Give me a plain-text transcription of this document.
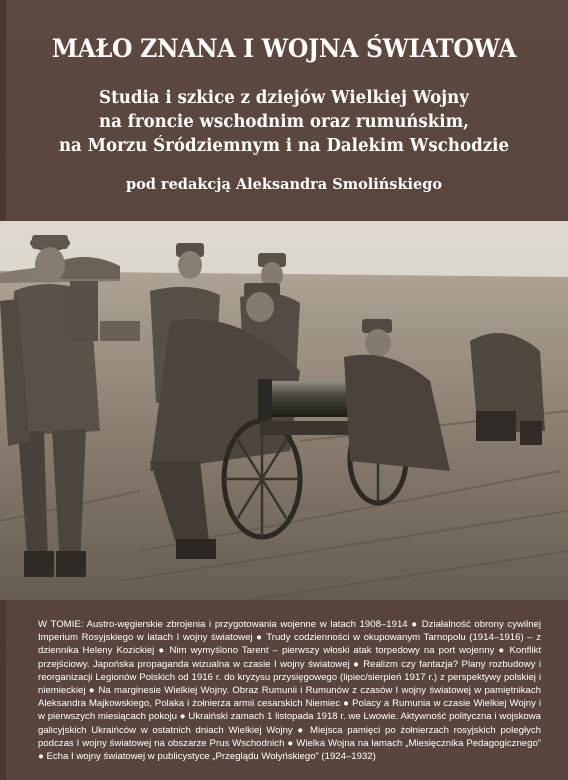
MAŁO ZNANA I WOJNA ŚWIATOWA
Studia i szkice z dziejów Wielkiej Wojny
na froncie wschodnim oraz rumuńskim,
na Morzu Śródziemnym i na Dalekim Wschodzie
pod redakcją Aleksandra Smolińskiego

W TOMIE: Austro-węgierskie zbrojenia i przygotowania wojenne w latach 1908–1914 ● Działalność obrony cywilnej Imperium Rosyjskiego w latach I wojny światowej ● Trudy codzienności w okupowanym Tarnopolu (1914–1916) – z dziennika Heleny Kozickiej ● Nim wymyślono Tarent – pierwszy włoski atak torpedowy na port wojenny ● Konflikt przejściowy. Japońska propaganda wizualna w czasie I wojny światowej ● Realizm czy fantazja? Plany rozbudowy i reorganizacji Legionów Polskich od 1916 r. do kryzysu przysięgowego (lipiec/sierpień 1917 r.) z perspektywy polskiej i niemieckiej ● Na marginesie Wielkiej Wojny. Obraz Rumunii i Rumunów z czasów I wojny światowej w pamiętnikach Aleksandra Majkowskiego, Polaka i żołnierza armii cesarskich Niemiec ● Polacy a Rumunia w czasie Wielkiej Wojny i w pierwszych miesiącach pokoju ● Ukraiński zamach 1 listopada 1918 r. we Lwowie. Aktywność polityczna i wojskowa galicyjskich Ukraińców w ostatnich dniach Wielkiej Wojny ● Miejsca pamięci po żołnierzach rosyjskich poległych podczas I wojny światowej na obszarze Prus Wschodnich ● Wielka Wojna na łamach „Miesięcznika Pedagogicznego” ● Echa I wojny światowej w publicystyce „Przeglądu Wołyńskiego” (1924–1932)
